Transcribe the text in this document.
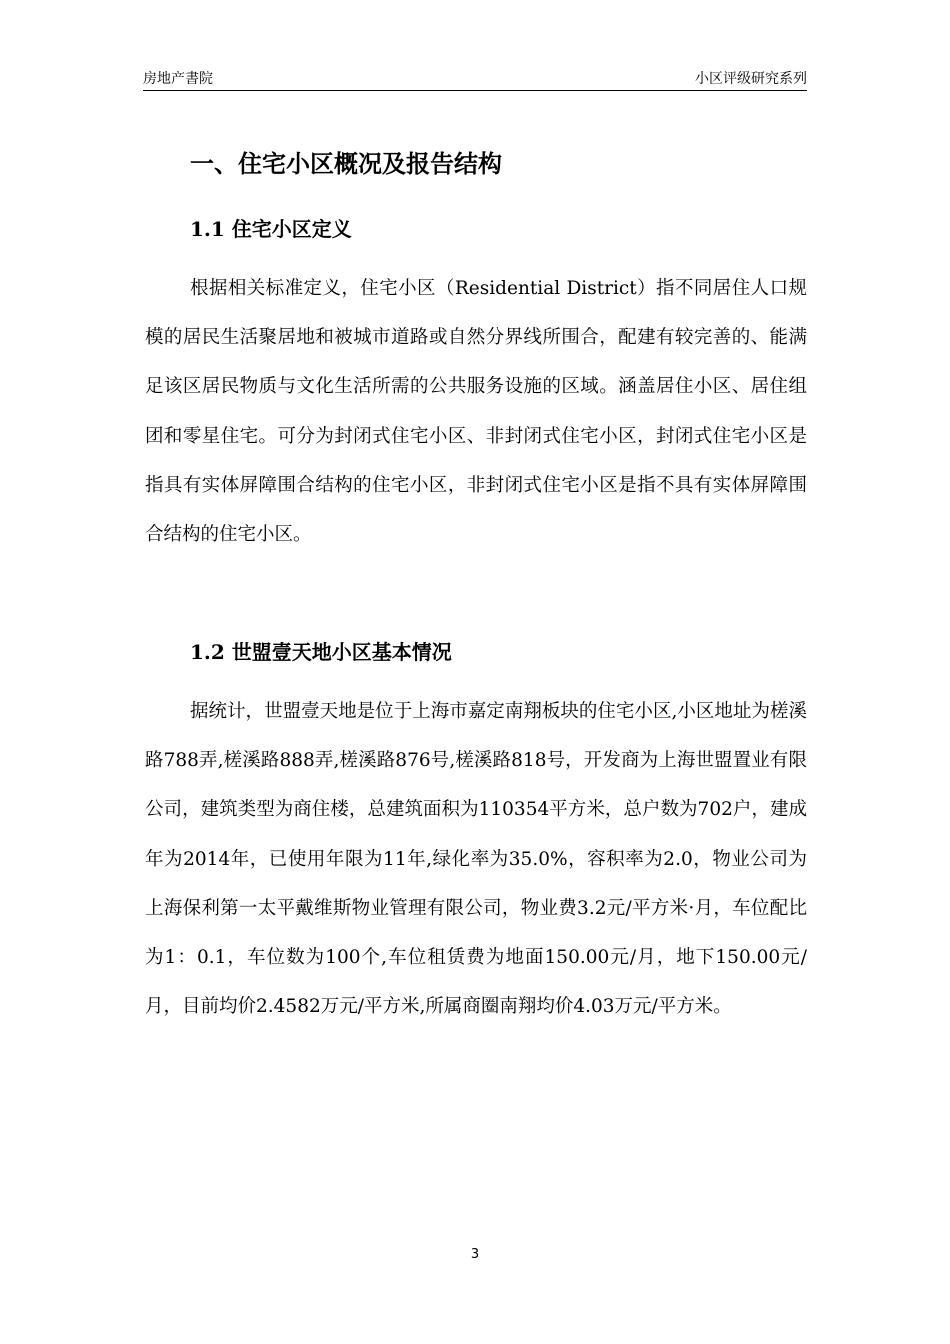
房地产書院	小区评级研究系列
一、住宅小区概况及报告结构
1.1 住宅小区定义

根据相关标准定义，住宅小区（Residential District）指不同居住人口规模的居民生活聚居地和被城市道路或自然分界线所围合，配建有较完善的、能满足该区居民物质与文化生活所需的公共服务设施的区域。涵盖居住小区、居住组团和零星住宅。可分为封闭式住宅小区、非封闭式住宅小区，封闭式住宅小区是指具有实体屏障围合结构的住宅小区，非封闭式住宅小区是指不具有实体屏障围合结构的住宅小区。

1.2 世盟壹天地小区基本情况

据统计，世盟壹天地是位于上海市嘉定南翔板块的住宅小区,小区地址为槎溪路788弄,槎溪路888弄,槎溪路876号,槎溪路818号，开发商为上海世盟置业有限公司，建筑类型为商住楼，总建筑面积为110354平方米，总户数为702户，建成年为2014年，已使用年限为11年,绿化率为35.0%，容积率为2.0，物业公司为上海保利第一太平戴维斯物业管理有限公司，物业费3.2元/平方米·月，车位配比为1：0.1，车位数为100个,车位租赁费为地面150.00元/月，地下150.00元/月，目前均价2.4582万元/平方米,所属商圈南翔均价4.03万元/平方米。

3
